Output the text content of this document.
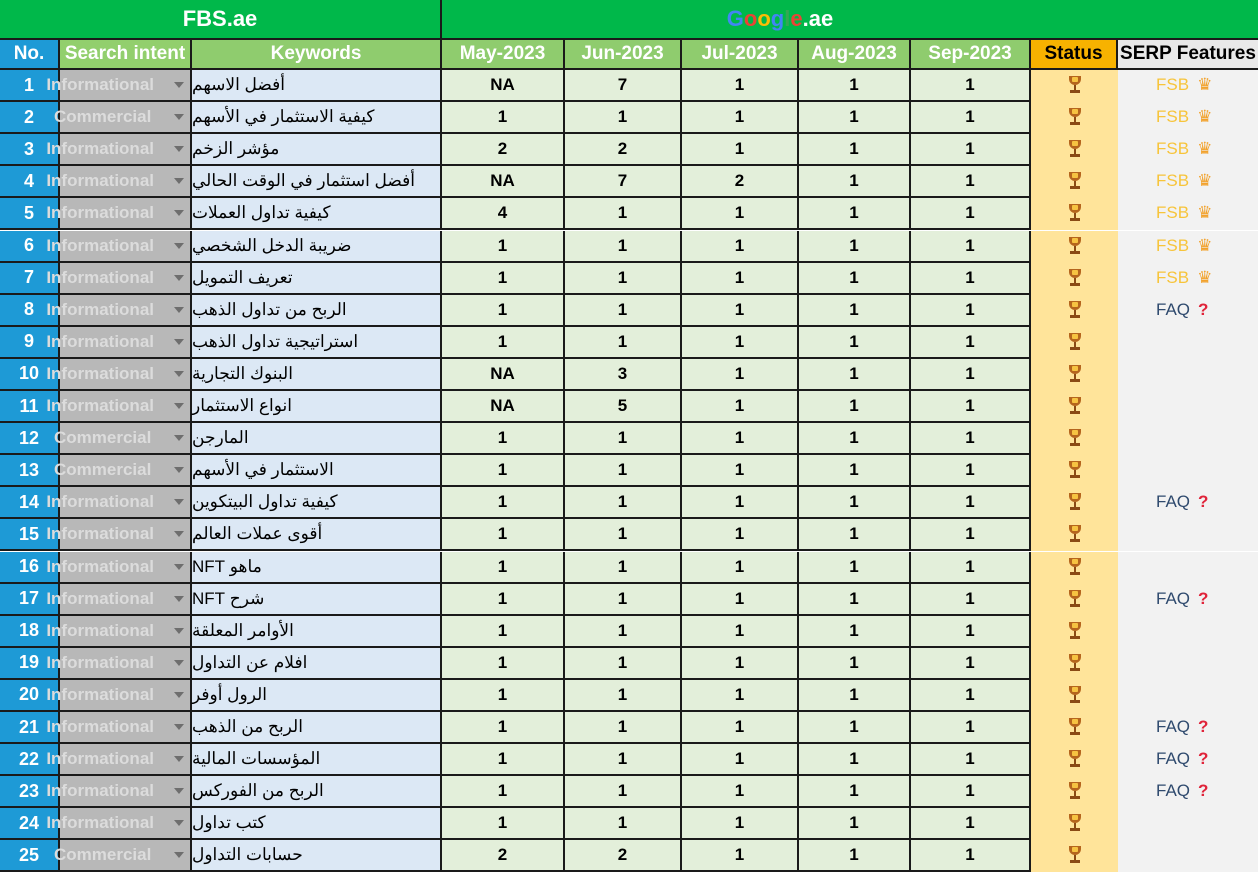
FBS.ae	Google.ae
No.	Search intent	Keywords	May-2023	Jun-2023	Jul-2023	Aug-2023	Sep-2023	Status SERP Features
1 Informational أفضل الاسهم	NA	7	1	1	1	FSB ♛
2	Commercial كيفية الاستثمار في الأسهم	1	1	1	1	1	FSB ♛
3 Informational مؤشر الزخم	2	2	1	1	1	FSB ♛
4 Informational أفضل استثمار في الوقت الحالي	NA	7	2	1	1	FSB ♛
5 Informational كيفية تداول العملات	4	1	1	1	1	FSB ♛
6 Informational ضريبة الدخل الشخصي	1	1	1	1	1	FSB ♛
7 Informational تعريف التمويل	1	1	1	1	1	FSB ♛
8 Informational الربح من تداول الذهب	1	1	1	1	1	FAQ ?
9 Informational استراتيجية تداول الذهب	1	1	1	1	1
10 Informational البنوك التجارية	NA	3	1	1	1
11 Informational انواع الاستثمار	NA	5	1	1	1
12 Commercial المارجن	1	1	1	1	1
13 Commercial الاستثمار في الأسهم	1	1	1	1	1
14 Informational كيفية تداول البيتكوين	1	1	1	1	1	FAQ ?
15 Informational أقوى عملات العالم	1	1	1	1	1
16 Informational ماهو NFT	1	1	1	1	1
17 Informational شرح NFT	1	1	1	1	1	FAQ ?
18 Informational الأوامر المعلقة	1	1	1	1	1
19 Informational افلام عن التداول	1	1	1	1	1
20 Informational الرول أوفر	1	1	1	1	1
21 Informational الربح من الذهب	1	1	1	1	1	FAQ ?
22 Informational المؤسسات المالية	1	1	1	1	1	FAQ ?
23 Informational الربح من الفوركس	1	1	1	1	1	FAQ ?
24 Informational كتب تداول	1	1	1	1	1
25 Commercial حسابات التداول	2	2	1	1	1
